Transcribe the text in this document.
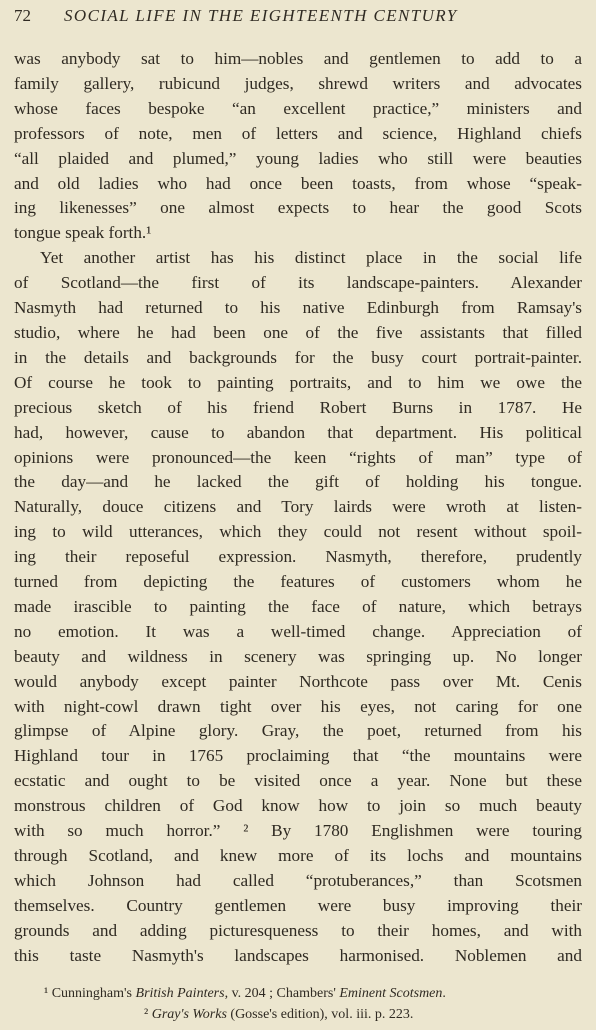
72 SOCIAL LIFE IN THE EIGHTEENTH CENTURY
was anybody sat to him—nobles and gentlemen to add to a
family gallery, rubicund judges, shrewd writers and advocates
whose faces bespoke “an excellent practice,” ministers and
professors of note, men of letters and science, Highland chiefs
“all plaided and plumed,” young ladies who still were beauties
and old ladies who had once been toasts, from whose “speak-
ing likenesses” one almost expects to hear the good Scots
tongue speak forth.¹
Yet another artist has his distinct place in the social life
of Scotland—the first of its landscape-painters. Alexander
Nasmyth had returned to his native Edinburgh from Ramsay's
studio, where he had been one of the five assistants that filled
in the details and backgrounds for the busy court portrait-painter.
Of course he took to painting portraits, and to him we owe the
precious sketch of his friend Robert Burns in 1787. He
had, however, cause to abandon that department. His political
opinions were pronounced—the keen “rights of man” type of
the day—and he lacked the gift of holding his tongue.
Naturally, douce citizens and Tory lairds were wroth at listen-
ing to wild utterances, which they could not resent without spoil-
ing their reposeful expression. Nasmyth, therefore, prudently
turned from depicting the features of customers whom he
made irascible to painting the face of nature, which betrays
no emotion. It was a well-timed change. Appreciation of
beauty and wildness in scenery was springing up. No longer
would anybody except painter Northcote pass over Mt. Cenis
with night-cowl drawn tight over his eyes, not caring for one
glimpse of Alpine glory. Gray, the poet, returned from his
Highland tour in 1765 proclaiming that “the mountains were
ecstatic and ought to be visited once a year. None but these
monstrous children of God know how to join so much beauty
with so much horror.” ² By 1780 Englishmen were touring
through Scotland, and knew more of its lochs and mountains
which Johnson had called “protuberances,” than Scotsmen
themselves. Country gentlemen were busy improving their
grounds and adding picturesqueness to their homes, and with
this taste Nasmyth's landscapes harmonised. Noblemen and
¹ Cunningham's British Painters, v. 204 ; Chambers' Eminent Scotsmen.
² Gray's Works (Gosse's edition), vol. iii. p. 223.
